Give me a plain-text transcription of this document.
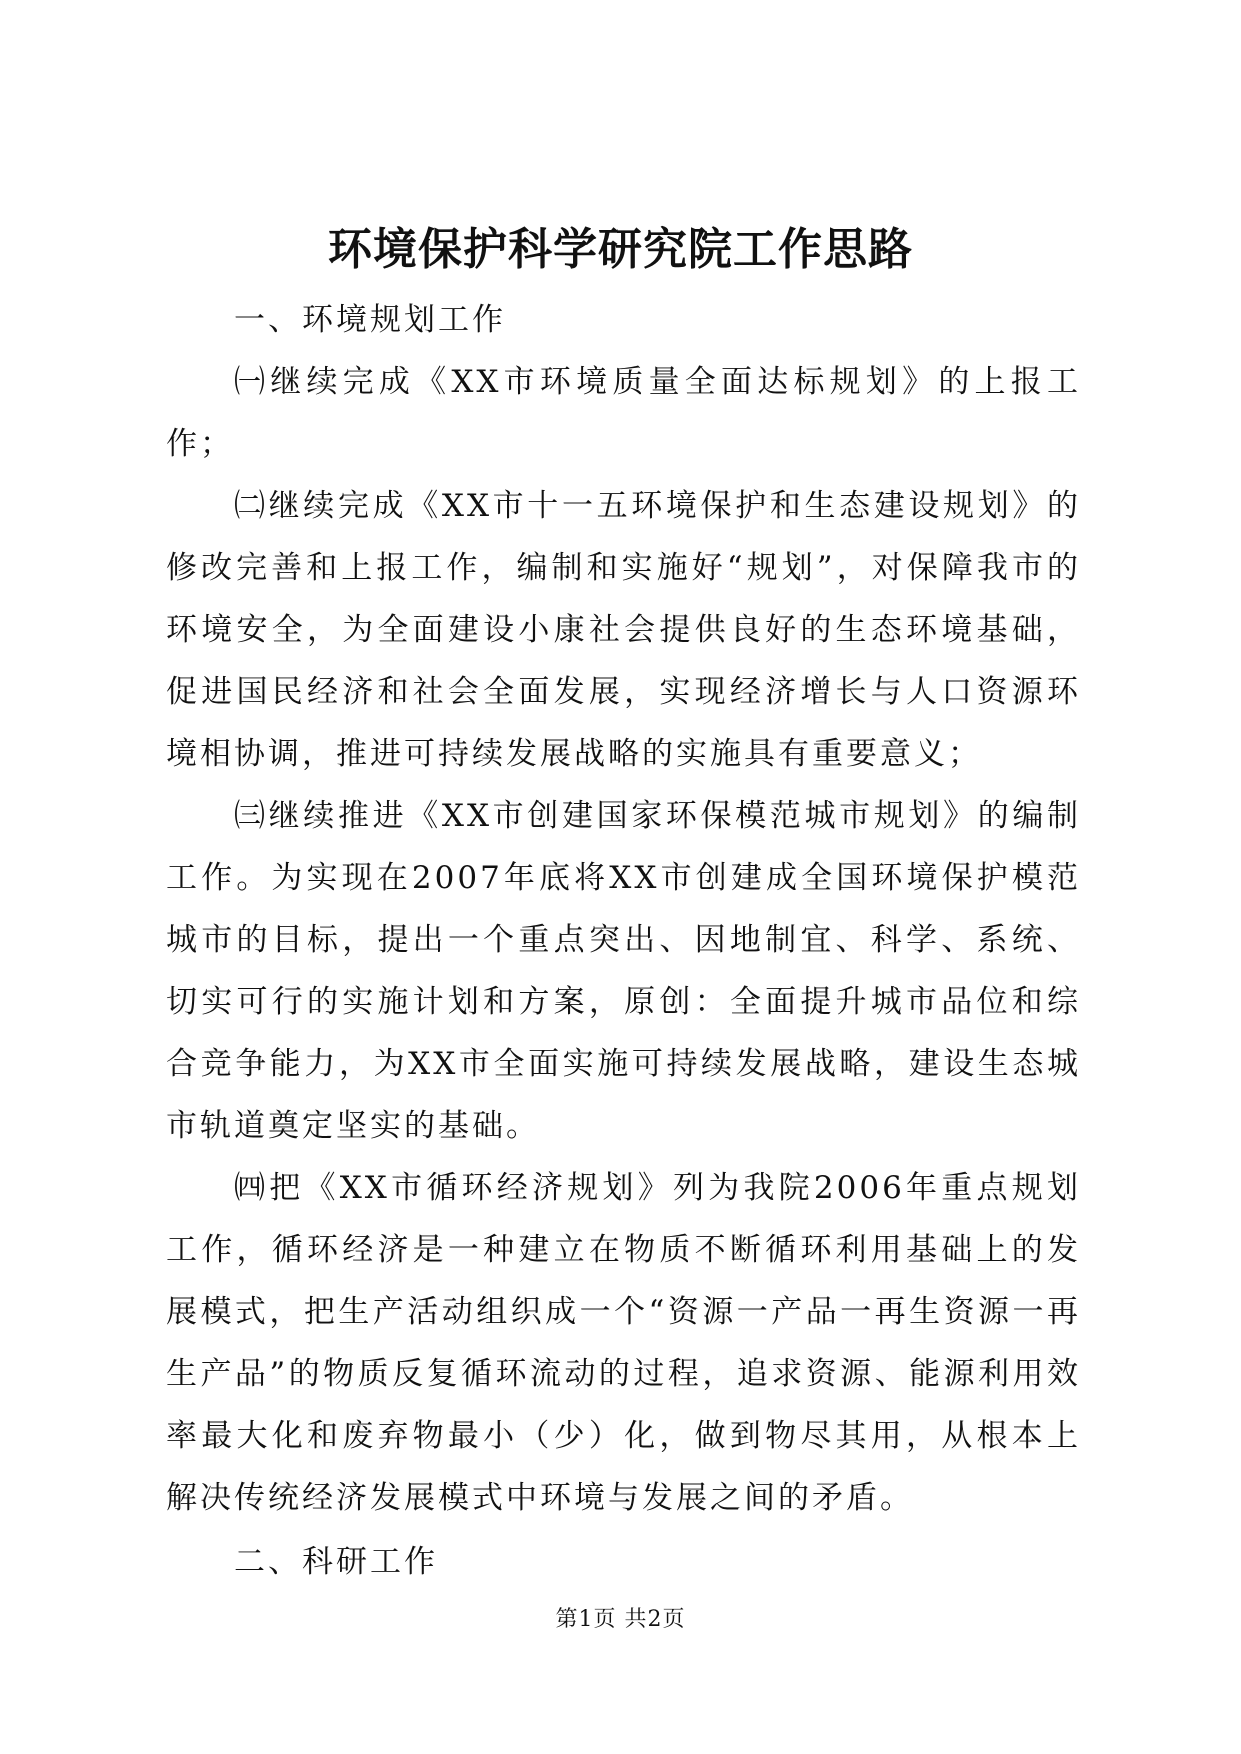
环境保护科学研究院工作思路

一、环境规划工作

㈠继续完成《XX市环境质量全面达标规划》的上报工作；

㈡继续完成《XX市十一五环境保护和生态建设规划》的修改完善和上报工作，编制和实施好“规划”，对保障我市的环境安全，为全面建设小康社会提供良好的生态环境基础，促进国民经济和社会全面发展，实现经济增长与人口资源环境相协调，推进可持续发展战略的实施具有重要意义；

㈢继续推进《XX市创建国家环保模范城市规划》的编制工作。为实现在2007年底将XX市创建成全国环境保护模范城市的目标，提出一个重点突出、因地制宜、科学、系统、切实可行的实施计划和方案，原创：全面提升城市品位和综合竞争能力，为XX市全面实施可持续发展战略，建设生态城市轨道奠定坚实的基础。

㈣把《XX市循环经济规划》列为我院2006年重点规划工作，循环经济是一种建立在物质不断循环利用基础上的发展模式，把生产活动组织成一个“资源一产品一再生资源一再生产品”的物质反复循环流动的过程，追求资源、能源利用效率最大化和废弃物最小（少）化，做到物尽其用，从根本上解决传统经济发展模式中环境与发展之间的矛盾。

二、科研工作

第1页 共2页
